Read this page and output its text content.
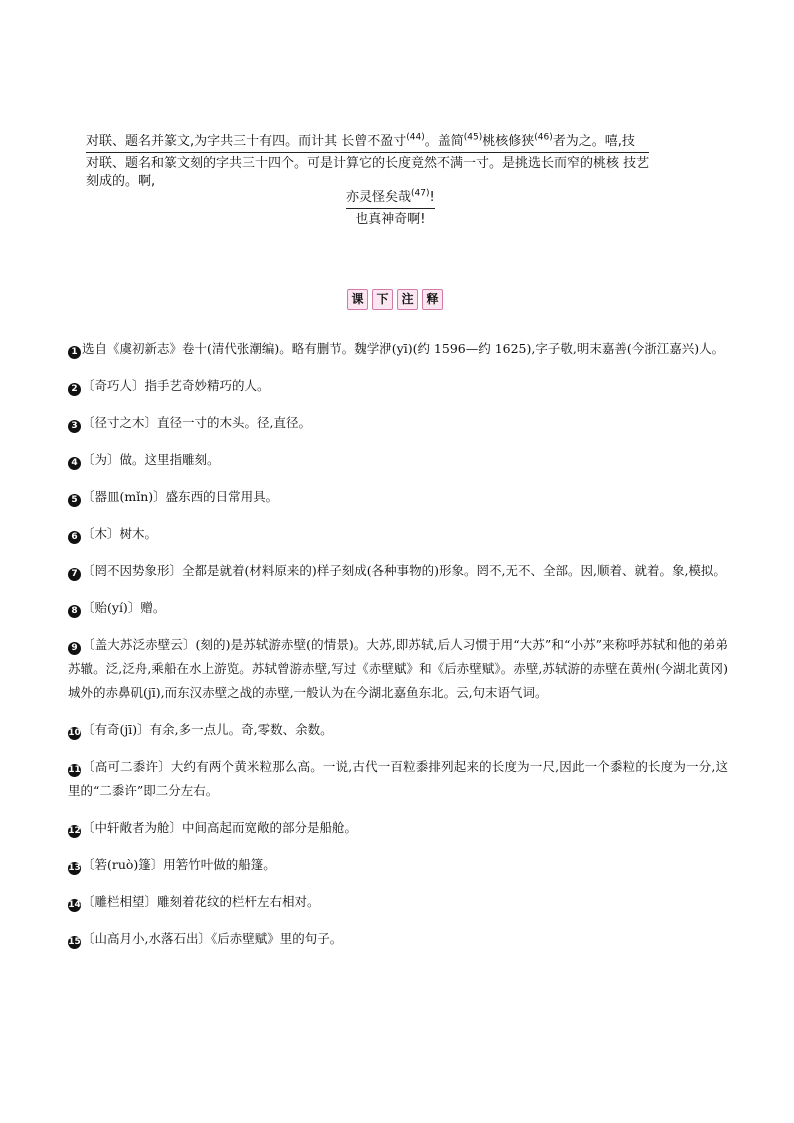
对联、题名并篆文,为字共三十有四。而计其 长曾不盈寸$^{(44)}$。盖简$^{(45)}$桃核修狭$^{(46)}$者为之。嘻,技
对联、题名和篆文刻的字共三十四个。可是计算它的长度竟然不满一寸。是挑选长而窄的桃核 技艺
刻成的。啊,
亦灵怪矣哉$^{(47)}$!
也真神奇啊!
课	下	注	释

1 选自《虞初新志》卷十(清代张潮编)。略有删节。魏学洢(yī)(约 1596—约 1625),字子敬,明末嘉善(今浙江嘉兴)人。

2 〔奇巧人〕指手艺奇妙精巧的人。

3 〔径寸之木〕直径一寸的木头。径,直径。

4 〔为〕做。这里指雕刻。

5 〔器皿(mǐn)〕盛东西的日常用具。

6 〔木〕树木。

7 〔罔不因势象形〕全都是就着(材料原来的)样子刻成(各种事物的)形象。罔不,无不、全部。因,顺着、就着。象,模拟。

8 〔贻(yí)〕赠。

9 〔盖大苏泛赤壁云〕(刻的)是苏轼游赤壁(的情景)。大苏,即苏轼,后人习惯于用“大苏”和“小苏”来称呼苏轼和他的弟弟苏辙。泛,泛舟,乘船在水上游览。苏轼曾游赤壁,写过《赤壁赋》和《后赤壁赋》。赤壁,苏轼游的赤壁在黄州(今湖北黄冈)城外的赤鼻矶(jī),而东汉赤壁之战的赤壁,一般认为在今湖北嘉鱼东北。云,句末语气词。

10〔有奇(jī)〕有余,多一点儿。奇,零数、余数。

11〔高可二黍许〕大约有两个黄米粒那么高。一说,古代一百粒黍排列起来的长度为一尺,因此一个黍粒的长度为一分,这里的“二黍许”即二分左右。

12〔中轩敞者为舱〕中间高起而宽敞的部分是船舱。

13〔箬(ruò)篷〕用箬竹叶做的船篷。

14〔雕栏相望〕雕刻着花纹的栏杆左右相对。

15〔山高月小,水落石出〕《后赤壁赋》里的句子。
